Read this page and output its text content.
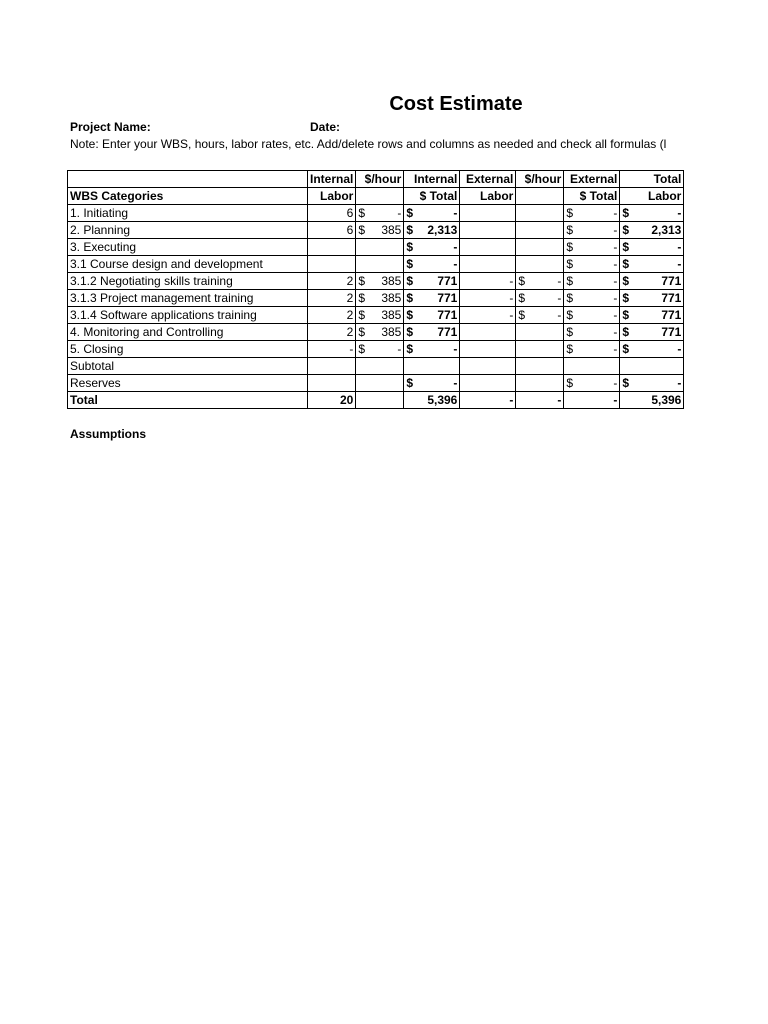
Cost Estimate
Project Name:	Date:
Note: Enter your WBS, hours, labor rates, etc. Add/delete rows and columns as needed and check all formulas (l
	Internal	$/hour	Internal	External	$/hour	External	Total
WBS Categories	Labor		$ Total	Labor		$ Total	Labor
1. Initiating	6	$ -	$ -			$ -	$ -

2. Planning	6	$ 385	$ 2,313			$ -	$ 2,313

3. Executing			$ -			$ -	$ -

3.1 Course design and development			$ -			$ -	$ -

3.1.2 Negotiating skills training	2	$ 385	$ 771	-	$ -	$ -	$ 771

3.1.3 Project management training	2	$ 385	$ 771	-	$ -	$ -	$ 771

3.1.4 Software applications training	2	$ 385	$ 771	-	$ -	$ -	$ 771

4. Monitoring and Controlling	2	$ 385	$ 771			$ -	$ 771

5. Closing	-	$ -	$ -			$ -	$ -

Subtotal							
Reserves			$ -			$ -	$ -

Total	20		5,396	-	-	-	5,396
Assumptions
